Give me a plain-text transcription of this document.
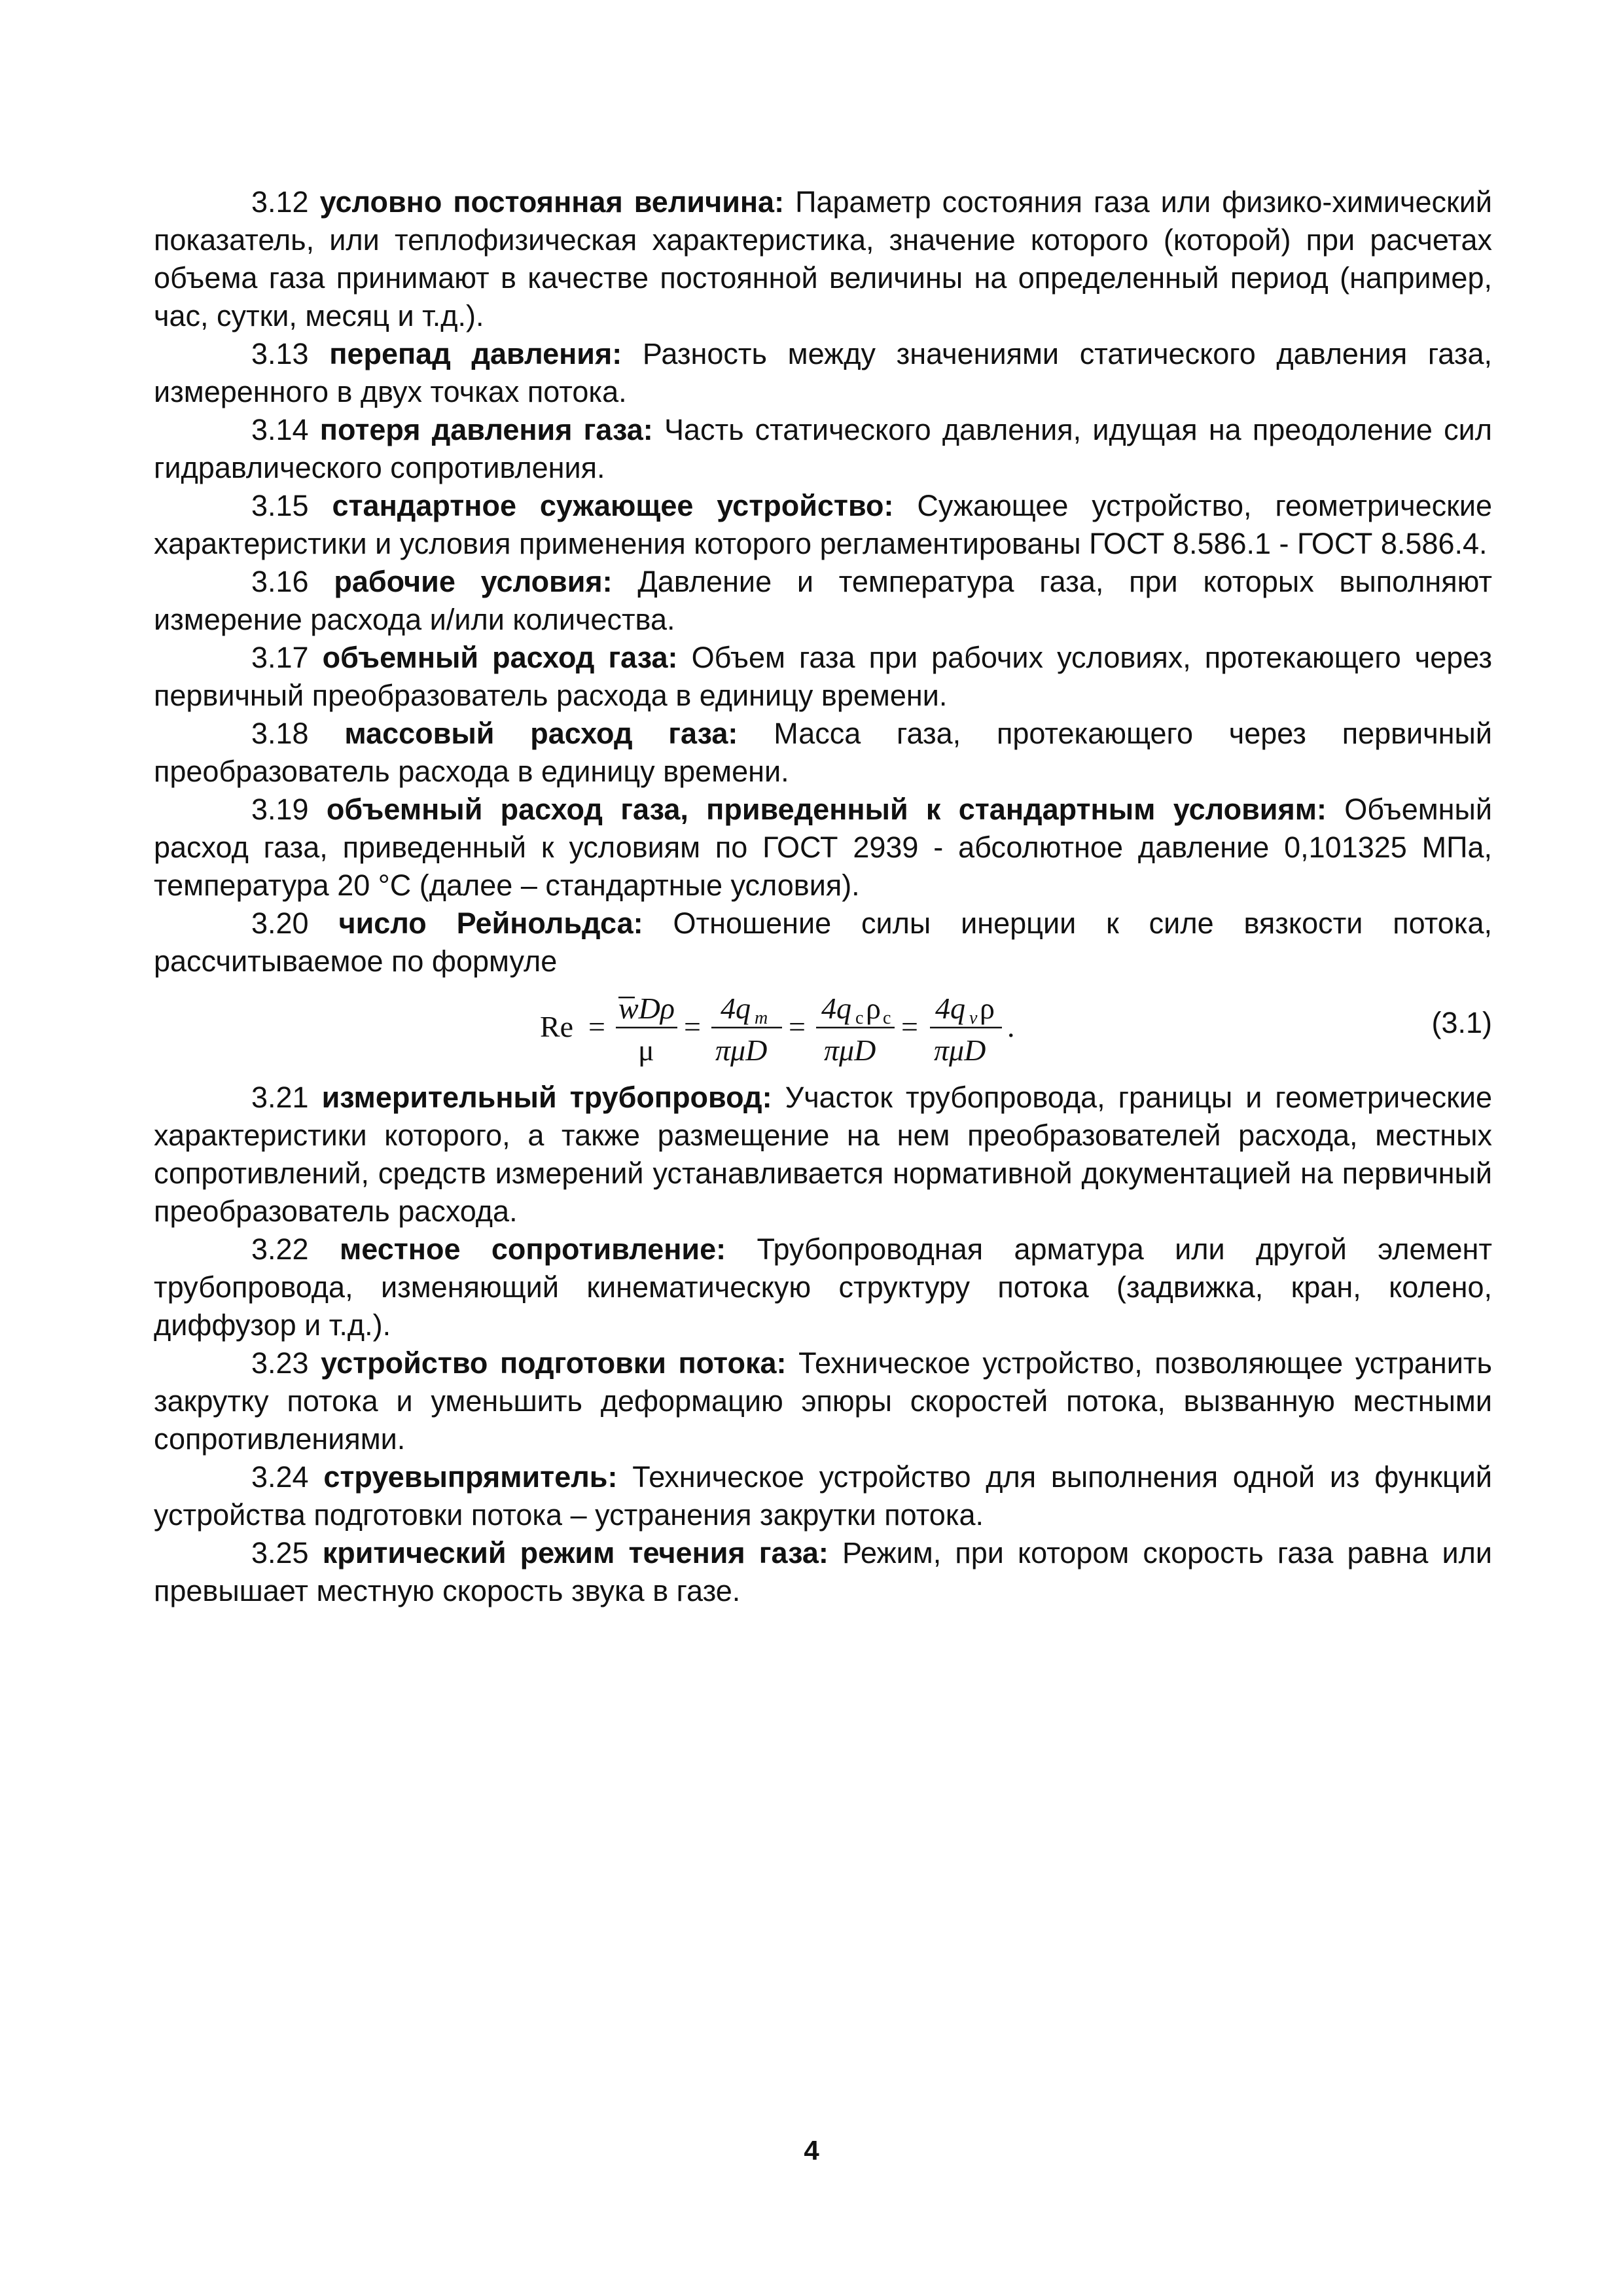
3.12 условно постоянная величина: Параметр состояния газа или физико-химический показатель, или теплофизическая характеристика, значение которого (которой) при расчетах объема газа принимают в качестве постоянной величины на определенный период (например, час, сутки, месяц и т.д.).

3.13 перепад давления: Разность между значениями статического давления газа, измеренного в двух точках потока.

3.14 потеря давления газа: Часть статического давления, идущая на преодоление сил гидравлического сопротивления.

3.15 стандартное сужающее устройство: Сужающее устройство, геометрические характеристики и условия применения которого регламентированы ГОСТ 8.586.1 - ГОСТ 8.586.4.

3.16 рабочие условия: Давление и температура газа, при которых выполняют измерение расхода и/или количества.

3.17 объемный расход газа: Объем газа при рабочих условиях, протекающего через первичный преобразователь расхода в единицу времени.

3.18 массовый расход газа: Масса газа, протекающего через первичный преобразователь расхода в единицу времени.

3.19 объемный расход газа, приведенный к стандартным условиям: Объемный расход газа, приведенный к условиям по ГОСТ 2939 - абсолютное давление 0,101325 МПа, температура 20 °С (далее – стандартные условия).

3.20 число Рейнольдса: Отношение силы инерции к силе вязкости потока, рассчитываемое по формуле

Re =
wDρ
μ
=
4q m
πμD
=
4q c ρ c
πμD
=
4q v ρ
πμD
.	(3.1)

3.21 измерительный трубопровод: Участок трубопровода, границы и геометрические характеристики которого, а также размещение на нем преобразователей расхода, местных сопротивлений, средств измерений устанавливается нормативной документацией на первичный преобразователь расхода.

3.22 местное сопротивление: Трубопроводная арматура или другой элемент трубопровода, изменяющий кинематическую структуру потока (задвижка, кран, колено, диффузор и т.д.).

3.23 устройство подготовки потока: Техническое устройство, позволяющее устранить закрутку потока и уменьшить деформацию эпюры скоростей потока, вызванную местными сопротивлениями.

3.24 струевыпрямитель: Техническое устройство для выполнения одной из функций устройства подготовки потока – устранения закрутки потока.

3.25 критический режим течения газа: Режим, при котором скорость газа равна или превышает местную скорость звука в газе.

4
